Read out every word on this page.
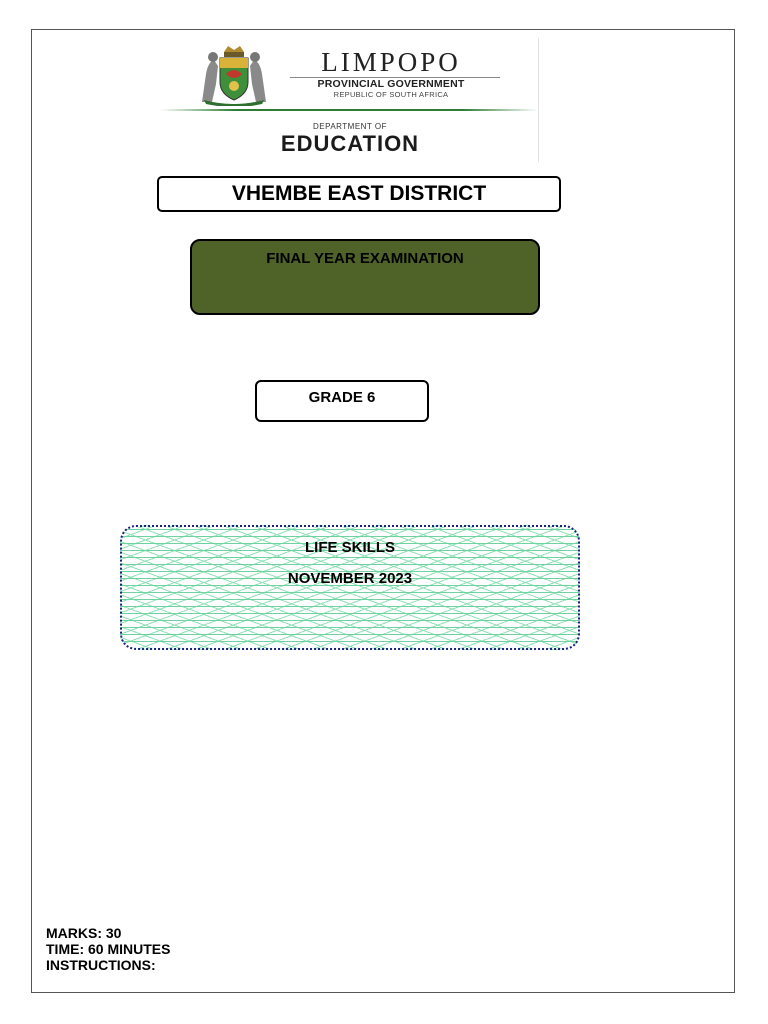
LIMPOPO
PROVINCIAL GOVERNMENT
REPUBLIC OF SOUTH AFRICA
DEPARTMENT OF
EDUCATION
VHEMBE EAST DISTRICT
FINAL YEAR EXAMINATION
GRADE 6
LIFE SKILLS
NOVEMBER 2023
MARKS: 30
TIME: 60 MINUTES
INSTRUCTIONS:
